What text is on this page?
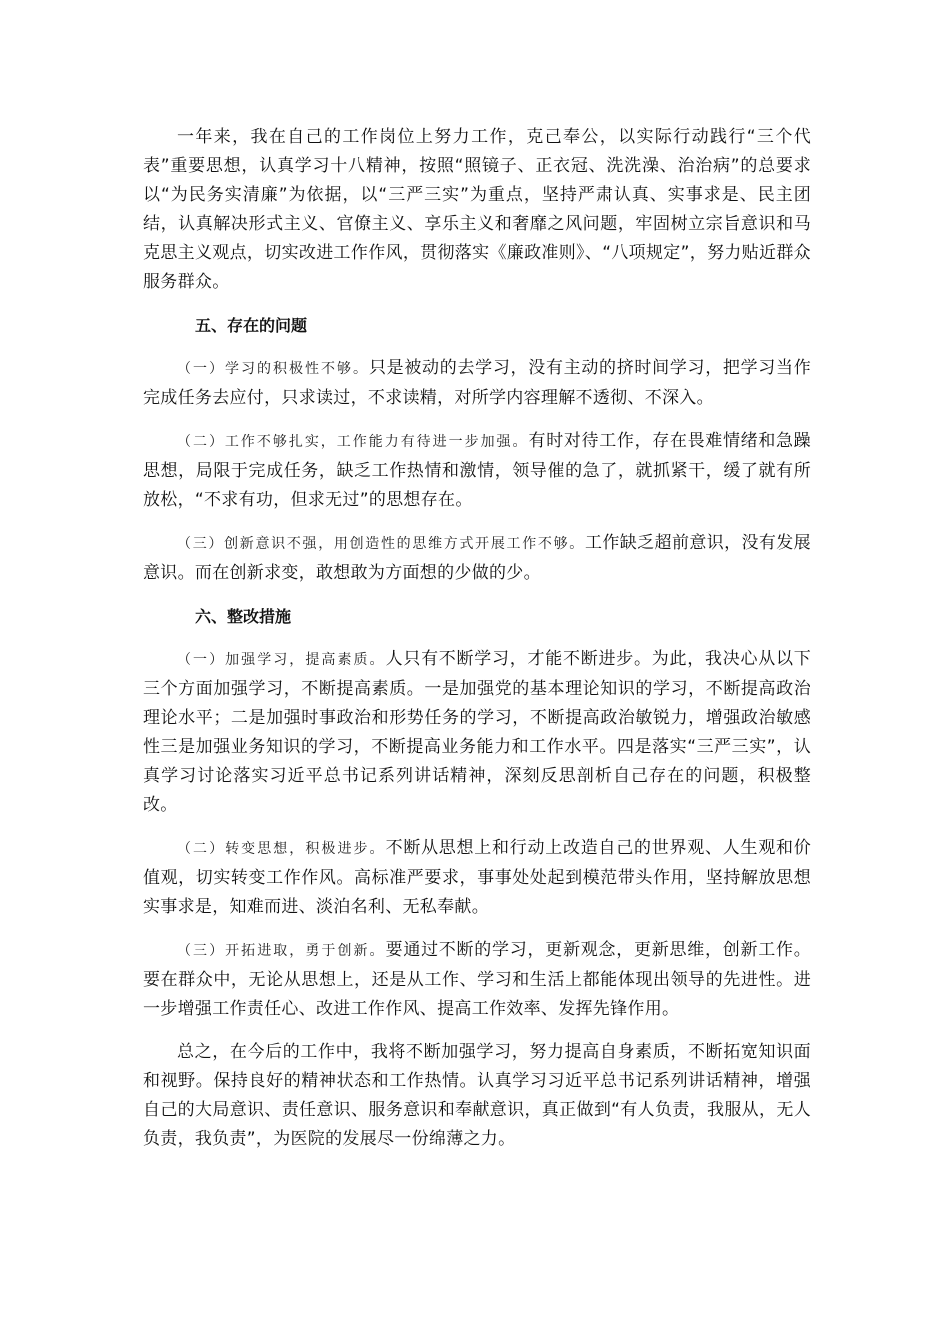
一年来，我在自己的工作岗位上努力工作，克己奉公，以实际行动践行“三个代表”重要思想，认真学习十八精神，按照“照镜子、正衣冠、洗洗澡、治治病”的总要求以“为民务实清廉”为依据，以“三严三实”为重点，坚持严肃认真、实事求是、民主团结，认真解决形式主义、官僚主义、享乐主义和奢靡之风问题，牢固树立宗旨意识和马克思主义观点，切实改进工作作风，贯彻落实《廉政准则》、“八项规定”，努力贴近群众服务群众。

五、存在的问题

（一）学习的积极性不够。只是被动的去学习，没有主动的挤时间学习，把学习当作完成任务去应付，只求读过，不求读精，对所学内容理解不透彻、不深入。

（二）工作不够扎实，工作能力有待进一步加强。有时对待工作，存在畏难情绪和急躁思想，局限于完成任务，缺乏工作热情和激情，领导催的急了，就抓紧干，缓了就有所放松，“不求有功，但求无过”的思想存在。

（三）创新意识不强，用创造性的思维方式开展工作不够。工作缺乏超前意识，没有发展意识。而在创新求变，敢想敢为方面想的少做的少。

六、整改措施

（一）加强学习，提高素质。人只有不断学习，才能不断进步。为此，我决心从以下三个方面加强学习，不断提高素质。一是加强党的基本理论知识的学习，不断提高政治理论水平；二是加强时事政治和形势任务的学习，不断提高政治敏锐力，增强政治敏感性三是加强业务知识的学习，不断提高业务能力和工作水平。四是落实“三严三实”，认真学习讨论落实习近平总书记系列讲话精神，深刻反思剖析自己存在的问题，积极整改。

（二）转变思想，积极进步。不断从思想上和行动上改造自己的世界观、人生观和价值观，切实转变工作作风。高标准严要求，事事处处起到模范带头作用，坚持解放思想实事求是，知难而进、淡泊名利、无私奉献。

（三）开拓进取，勇于创新。要通过不断的学习，更新观念，更新思维，创新工作。要在群众中，无论从思想上，还是从工作、学习和生活上都能体现出领导的先进性。进一步增强工作责任心、改进工作作风、提高工作效率、发挥先锋作用。

总之，在今后的工作中，我将不断加强学习，努力提高自身素质，不断拓宽知识面和视野。保持良好的精神状态和工作热情。认真学习习近平总书记系列讲话精神，增强自己的大局意识、责任意识、服务意识和奉献意识，真正做到“有人负责，我服从，无人负责，我负责”，为医院的发展尽一份绵薄之力。
